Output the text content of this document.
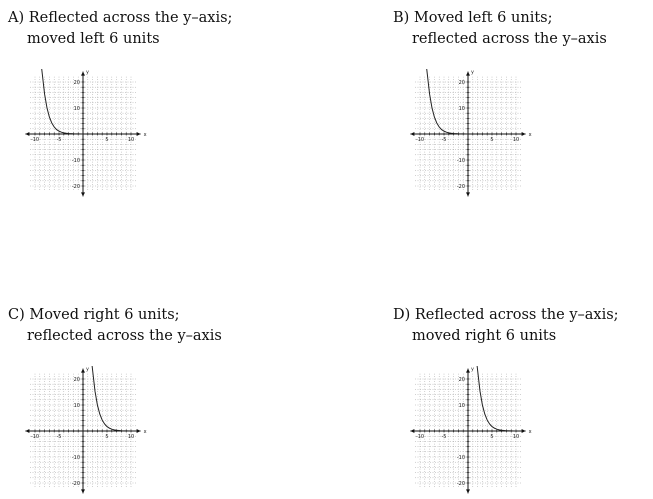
A) Reflected across the y–axis;
moved left 6 units
-10	-5	5	10
20
10
-10
-20
x
y
B) Moved left 6 units;
reflected across the y–axis
-10	-5	5	10
20
10
-10
-20
x
y
C) Moved right 6 units;
reflected across the y–axis
-10	-5	5	10
20
10
-10
-20
x
y
D) Reflected across the y–axis;
moved right 6 units
-10	-5	5	10
20
10
-10
-20
x
y
